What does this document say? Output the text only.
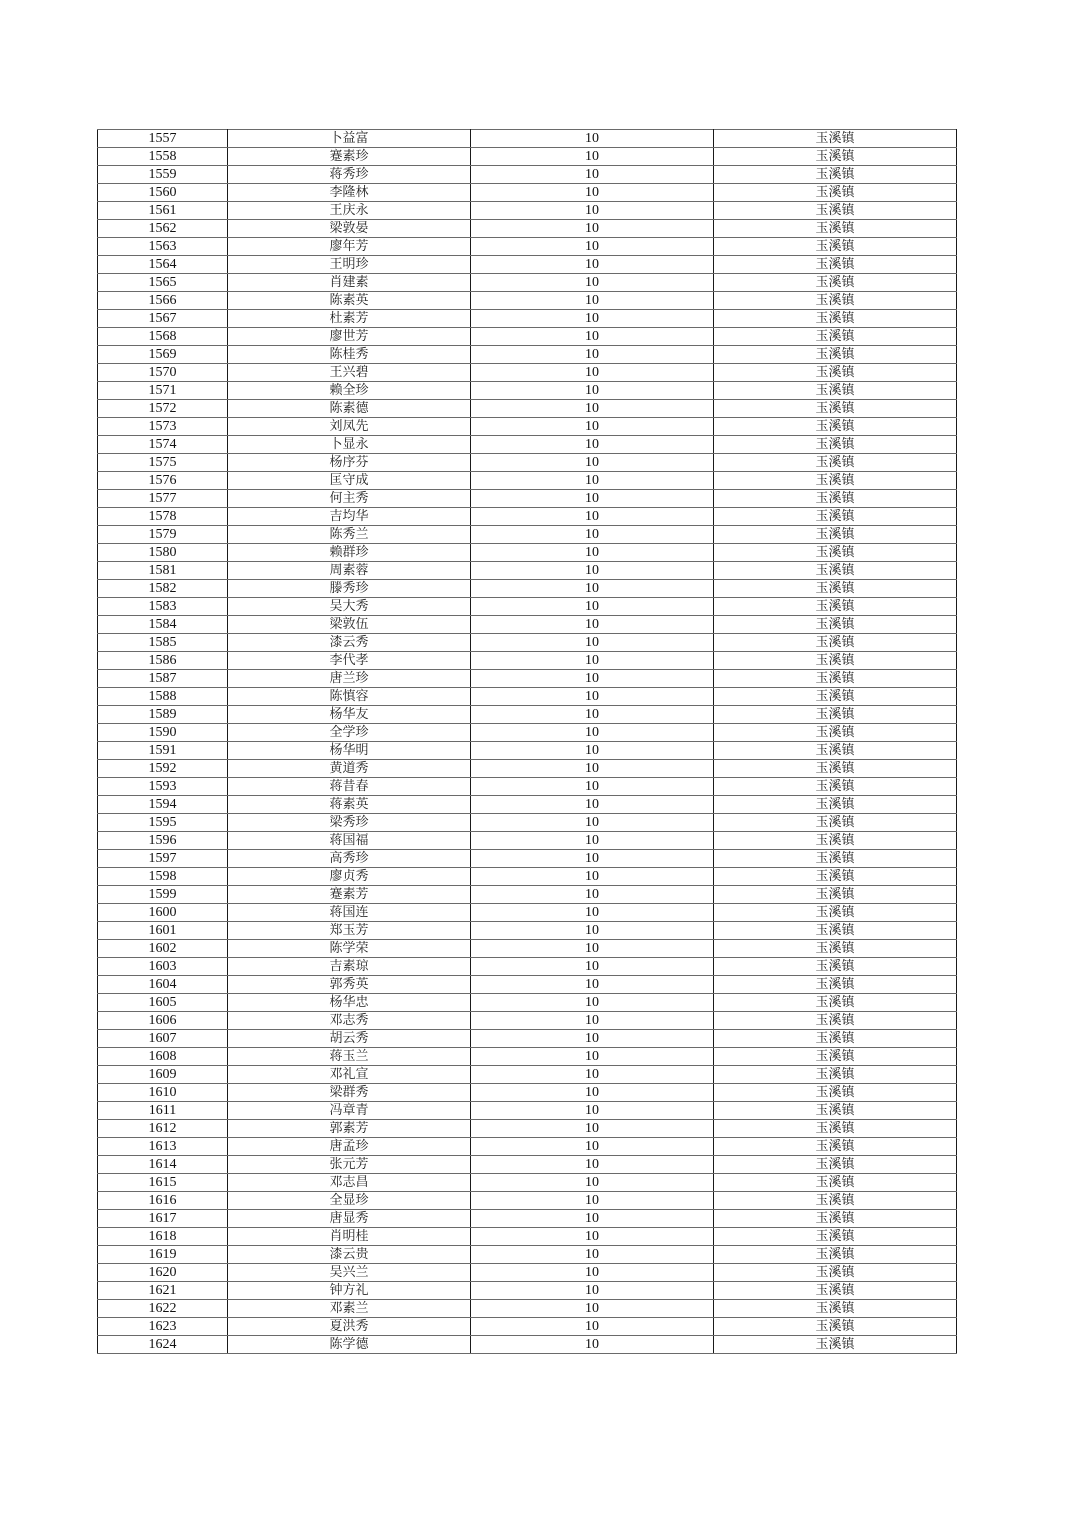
1557	卜益富	10	玉溪镇
1558	蹇素珍	10	玉溪镇
1559	蒋秀珍	10	玉溪镇
1560	李隆林	10	玉溪镇
1561	王庆永	10	玉溪镇
1562	梁敦晏	10	玉溪镇
1563	廖年芳	10	玉溪镇
1564	王明珍	10	玉溪镇
1565	肖建素	10	玉溪镇
1566	陈素英	10	玉溪镇
1567	杜素芳	10	玉溪镇
1568	廖世芳	10	玉溪镇
1569	陈桂秀	10	玉溪镇
1570	王兴碧	10	玉溪镇
1571	赖全珍	10	玉溪镇
1572	陈素德	10	玉溪镇
1573	刘凤先	10	玉溪镇
1574	卜显永	10	玉溪镇
1575	杨序芬	10	玉溪镇
1576	匡守成	10	玉溪镇
1577	何主秀	10	玉溪镇
1578	吉均华	10	玉溪镇
1579	陈秀兰	10	玉溪镇
1580	赖群珍	10	玉溪镇
1581	周素蓉	10	玉溪镇
1582	滕秀珍	10	玉溪镇
1583	吴大秀	10	玉溪镇
1584	梁敦伍	10	玉溪镇
1585	漆云秀	10	玉溪镇
1586	李代孝	10	玉溪镇
1587	唐兰珍	10	玉溪镇
1588	陈慎容	10	玉溪镇
1589	杨华友	10	玉溪镇
1590	全学珍	10	玉溪镇
1591	杨华明	10	玉溪镇
1592	黄道秀	10	玉溪镇
1593	蒋昔春	10	玉溪镇
1594	蒋素英	10	玉溪镇
1595	梁秀珍	10	玉溪镇
1596	蒋国福	10	玉溪镇
1597	高秀珍	10	玉溪镇
1598	廖贞秀	10	玉溪镇
1599	蹇素芳	10	玉溪镇
1600	蒋国连	10	玉溪镇
1601	郑玉芳	10	玉溪镇
1602	陈学荣	10	玉溪镇
1603	吉素琼	10	玉溪镇
1604	郭秀英	10	玉溪镇
1605	杨华忠	10	玉溪镇
1606	邓志秀	10	玉溪镇
1607	胡云秀	10	玉溪镇
1608	蒋玉兰	10	玉溪镇
1609	邓礼宣	10	玉溪镇
1610	梁群秀	10	玉溪镇
1611	冯章青	10	玉溪镇
1612	郭素芳	10	玉溪镇
1613	唐孟珍	10	玉溪镇
1614	张元芳	10	玉溪镇
1615	邓志昌	10	玉溪镇
1616	全显珍	10	玉溪镇
1617	唐显秀	10	玉溪镇
1618	肖明桂	10	玉溪镇
1619	漆云贵	10	玉溪镇
1620	吴兴兰	10	玉溪镇
1621	钟方礼	10	玉溪镇
1622	邓素兰	10	玉溪镇
1623	夏洪秀	10	玉溪镇
1624	陈学德	10	玉溪镇
